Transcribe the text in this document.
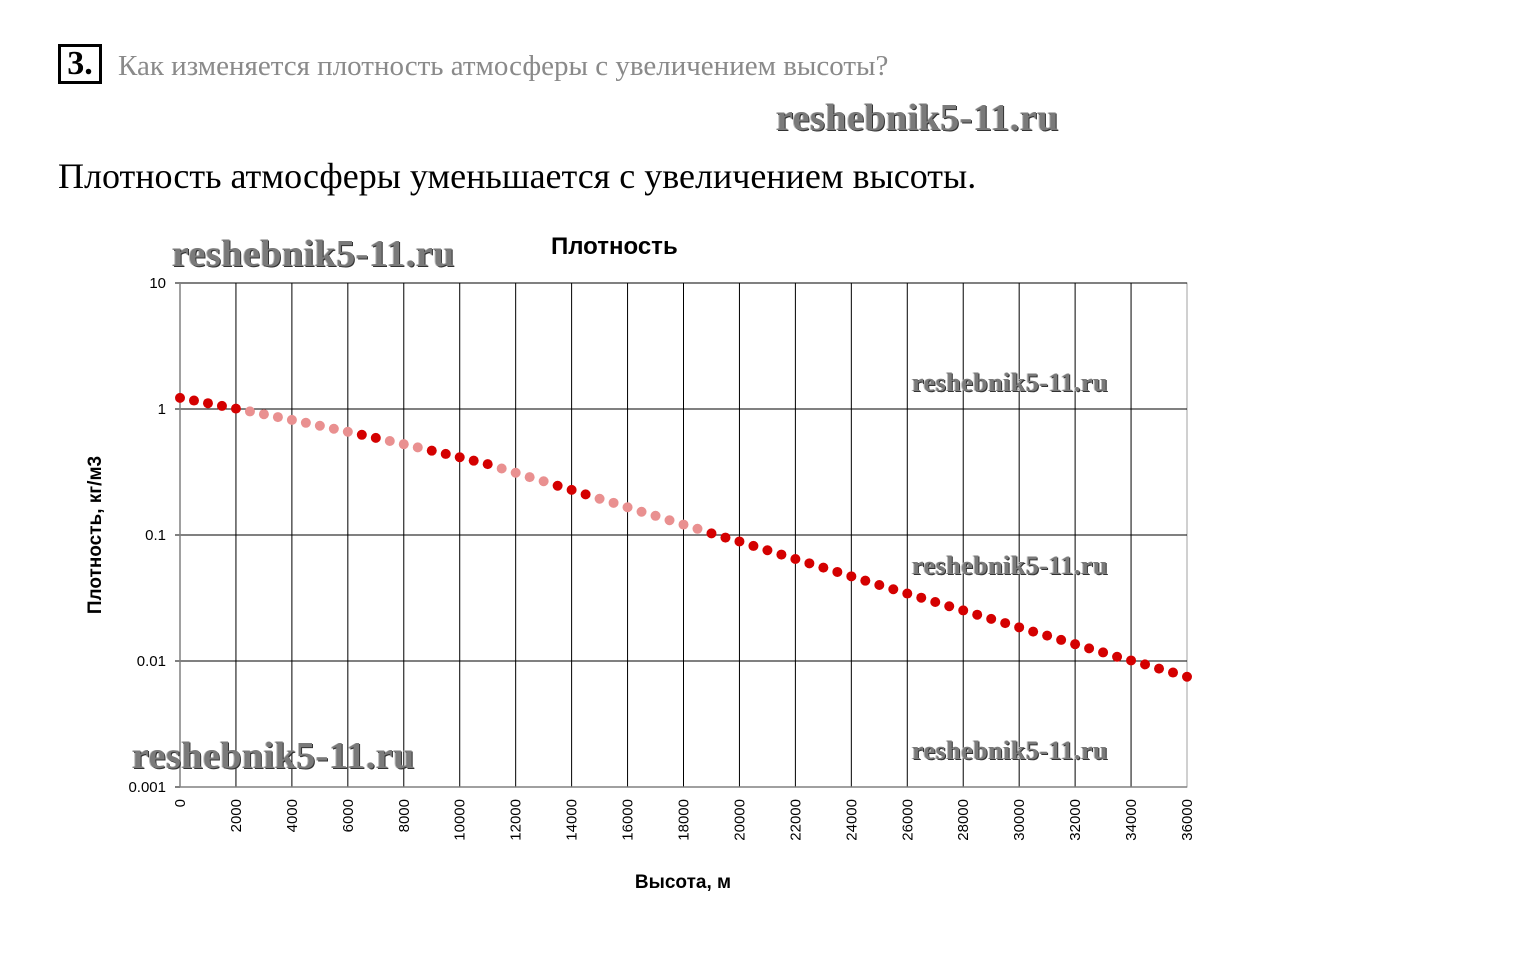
3. Как изменяется плотность атмосферы с увеличением высоты?
reshebnik5-11.ru
Плотность атмосферы уменьшается с увеличением высоты.
0	2000	4000	6000	8000	10000	12000	14000	16000	18000	20000	22000	24000	26000	28000	30000	32000	34000	36000
10
1
0.1
0.01
0.001
Плотность
Высота, м
Плотность, кг/м3
reshebnik5-11.ru
reshebnik5-11.ru
reshebnik5-11.ru
reshebnik5-11.ru	reshebnik5-11.ru
